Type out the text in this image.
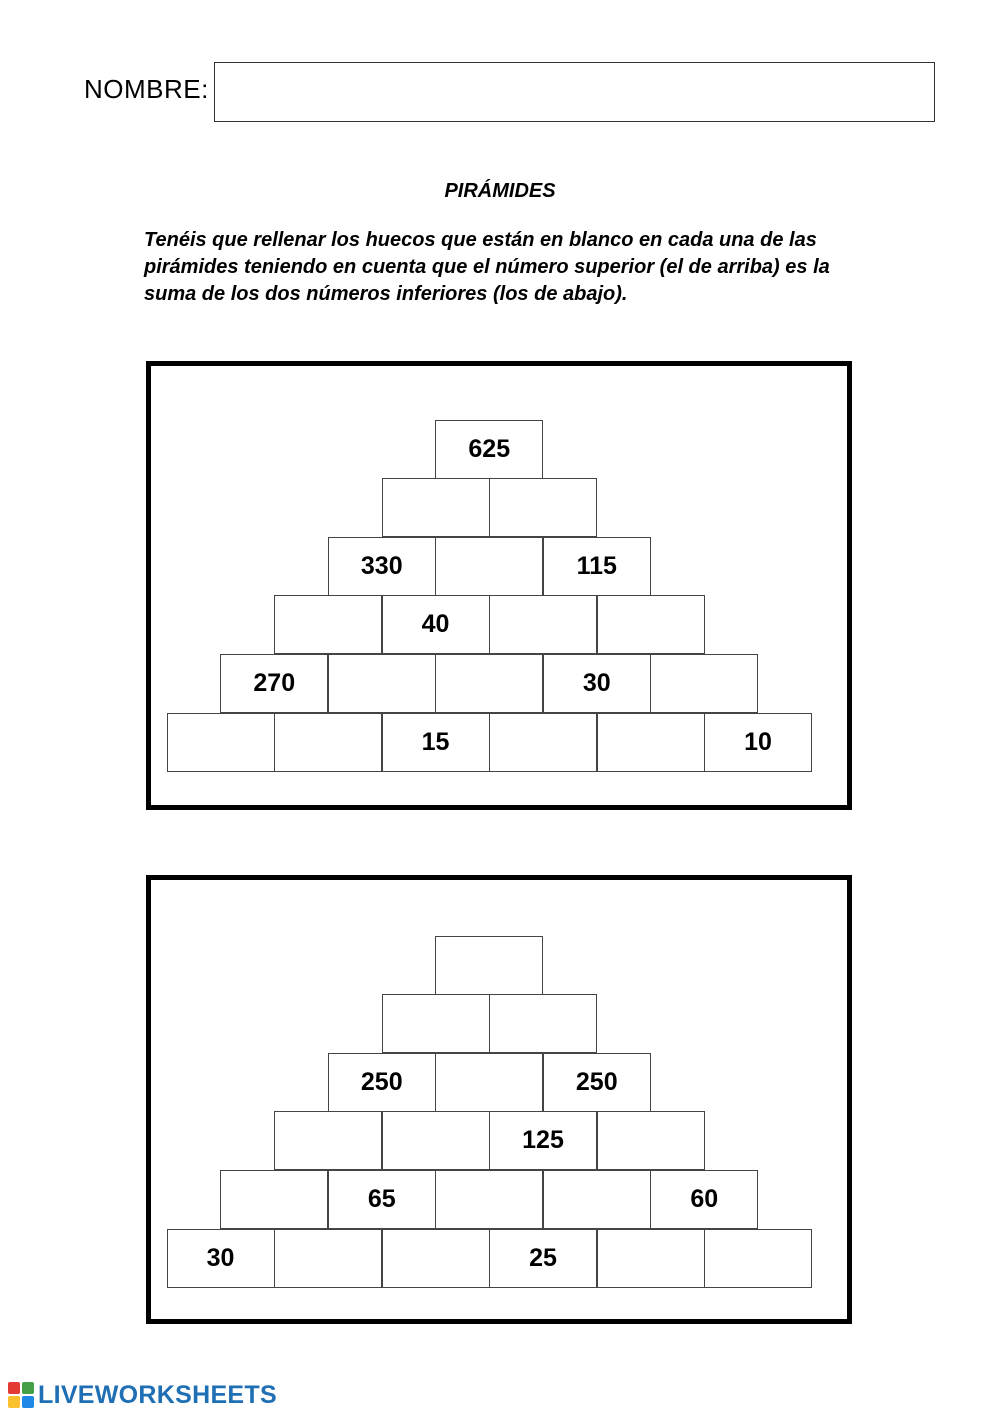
NOMBRE:
PIRÁMIDES
Tenéis que rellenar los huecos que están en blanco en cada una de las pirámides teniendo en cuenta que el número superior (el de arriba) es la suma de los dos números inferiores (los de abajo).
625
330
115
40
270
30
15
10
250
250
125
65
60
30
25
LIVEWORKSHEETS
